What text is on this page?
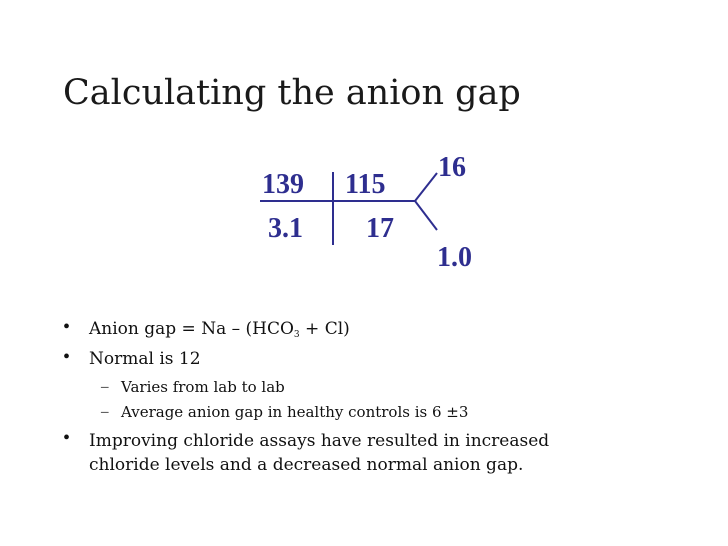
Calculating the anion gap
139 115
3.1 17
16
1.0
• Anion gap = $Na - (HCO_3 + Cl)$
• Normal is 12
– Varies from lab to lab
– Average anion gap in healthy controls is 6 ±3
• Improving chloride assays have resulted in increased
chloride levels and a decreased normal anion gap.
